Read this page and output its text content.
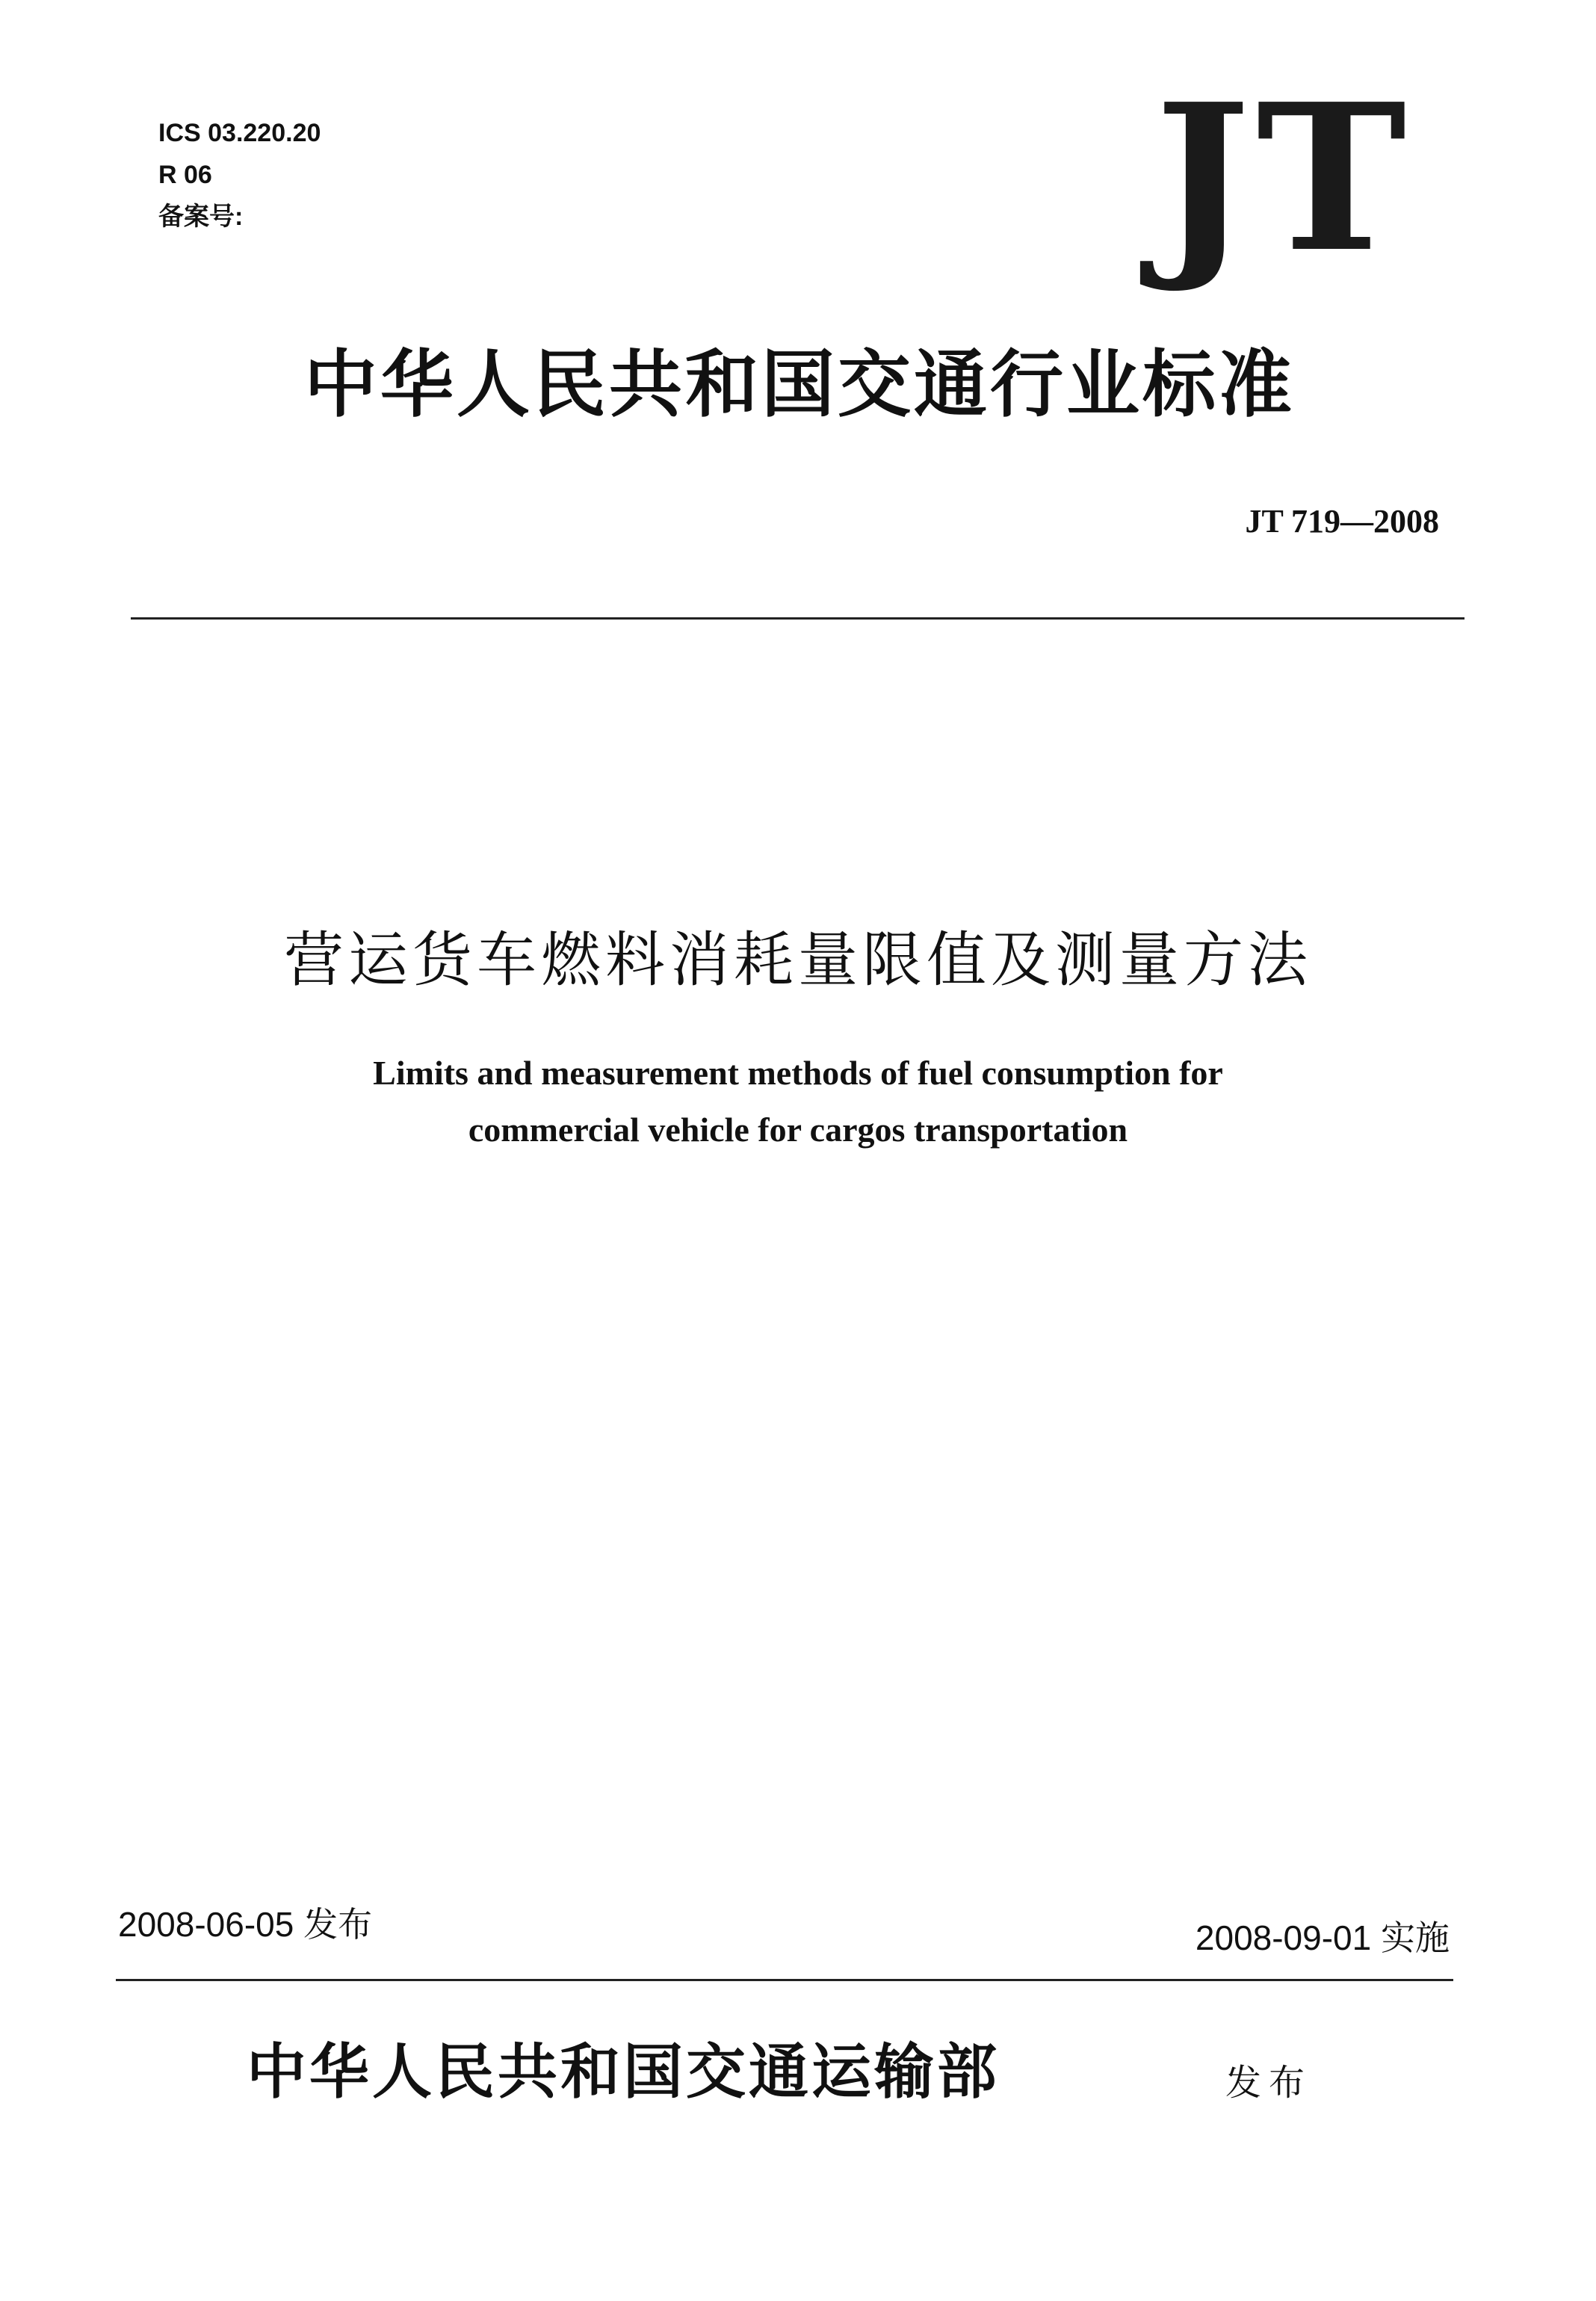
ICS 03.220.20
R 06
备案号:	JT
中华人民共和国交通行业标准
JT 719—2008
营运货车燃料消耗量限值及测量方法
Limits and measurement methods of fuel consumption for
commercial vehicle for cargos transportation
2008-06-05 发布	2008-09-01 实施
中华人民共和国交通运输部	发布
